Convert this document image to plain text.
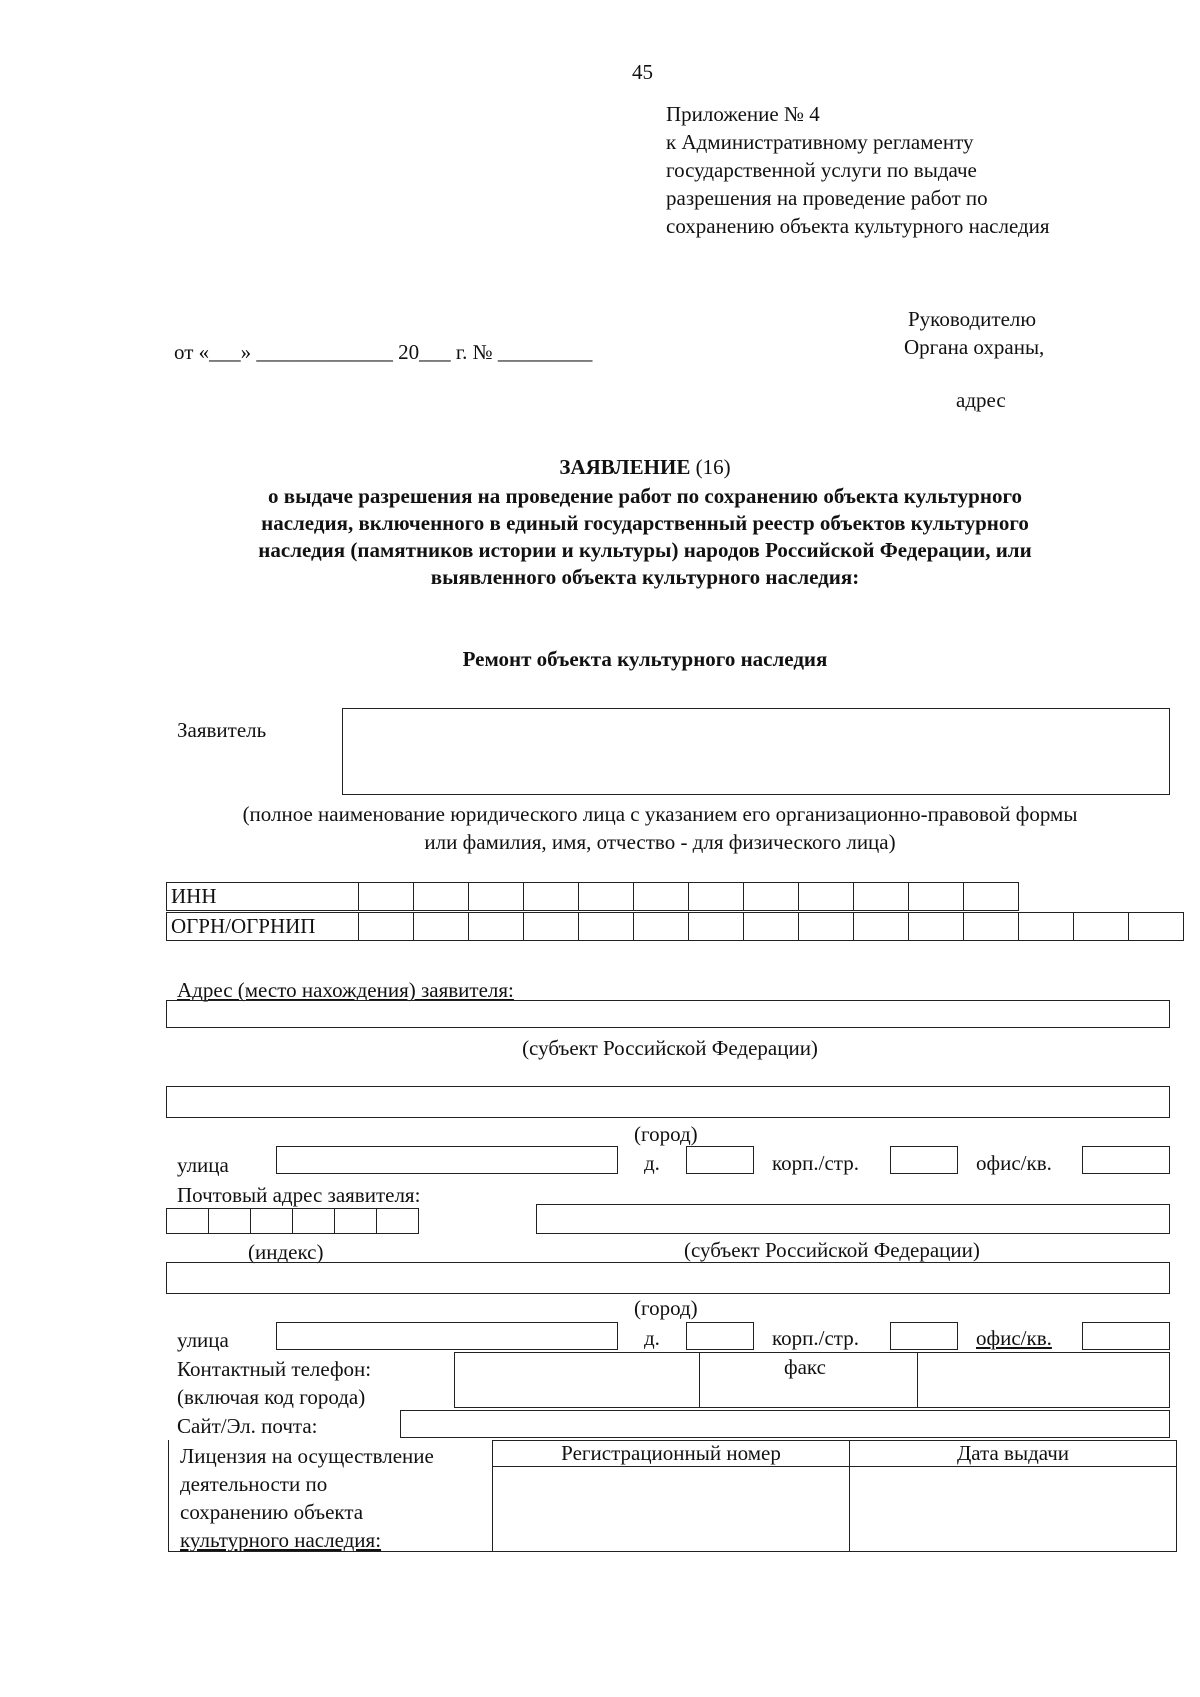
45
Приложение № 4
к Административному регламенту
государственной услуги по выдаче
разрешения на проведение работ по
сохранению объекта культурного наследия
Руководителю
Органа охраны,
адрес
от «___» _____________ 20___ г. № _________
ЗАЯВЛЕНИЕ (16)
о выдаче разрешения на проведение работ по сохранению объекта культурного
наследия, включенного в единый государственный реестр объектов культурного
наследия (памятников истории и культуры) народов Российской Федерации, или
выявленного объекта культурного наследия:
Ремонт объекта культурного наследия
Заявитель
(полное наименование юридического лица с указанием его организационно-правовой формы
или фамилия, имя, отчество - для физического лица)
ИНН												
ОГРН/ОГРНИП															
Адрес (место нахождения) заявителя:
(субъект Российской Федерации)
(город)
улица	д.	корп./стр.	офис/кв.
Почтовый адрес заявителя:

(индекс)	(субъект Российской Федерации)
(город)
улица	д.	корп./стр.	офис/кв.
Контактный телефон:
(включая код города)
факс
Сайт/Эл. почта:
Лицензия на осуществление
деятельности по
сохранению объекта
культурного наследия:
Регистрационный номер	Дата выдачи
